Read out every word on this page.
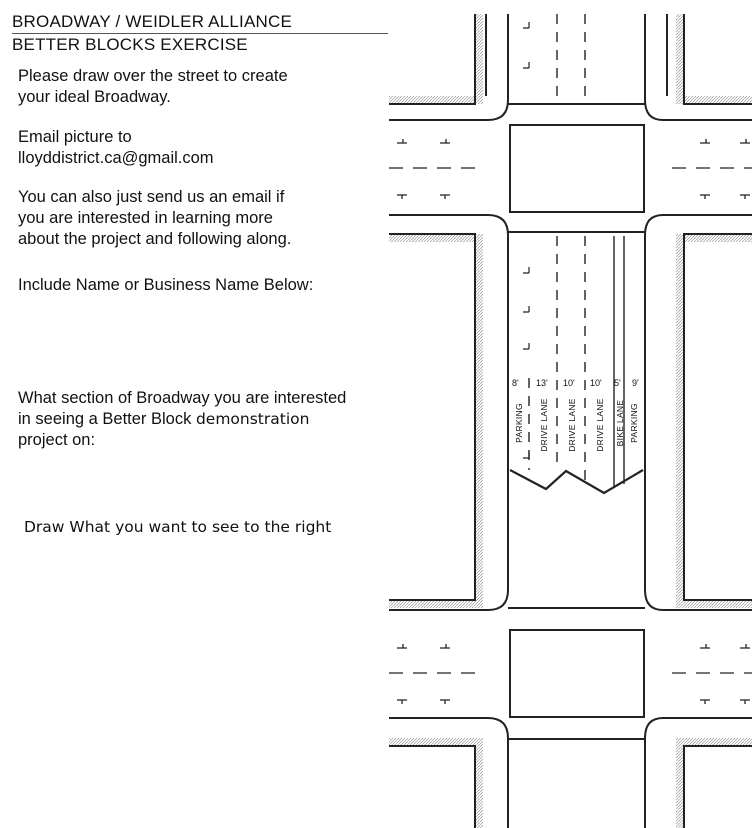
BROADWAY / WEIDLER ALLIANCE
BETTER BLOCKS EXERCISE
Please draw over the street to create
your ideal Broadway.
Email picture to
lloyddistrict.ca@gmail.com
You can also just send us an email if
you are interested in learning more
about the project and following along.
Include Name or Business Name Below:
What section of Broadway you are interested
in seeing a Better Block demonstration
project on:
Draw What you want to see to the right
8' 13' 10' 10' 5' 9'
PARKING DRIVE LANE DRIVE LANE DRIVE LANE BIKE LANE PARKING
